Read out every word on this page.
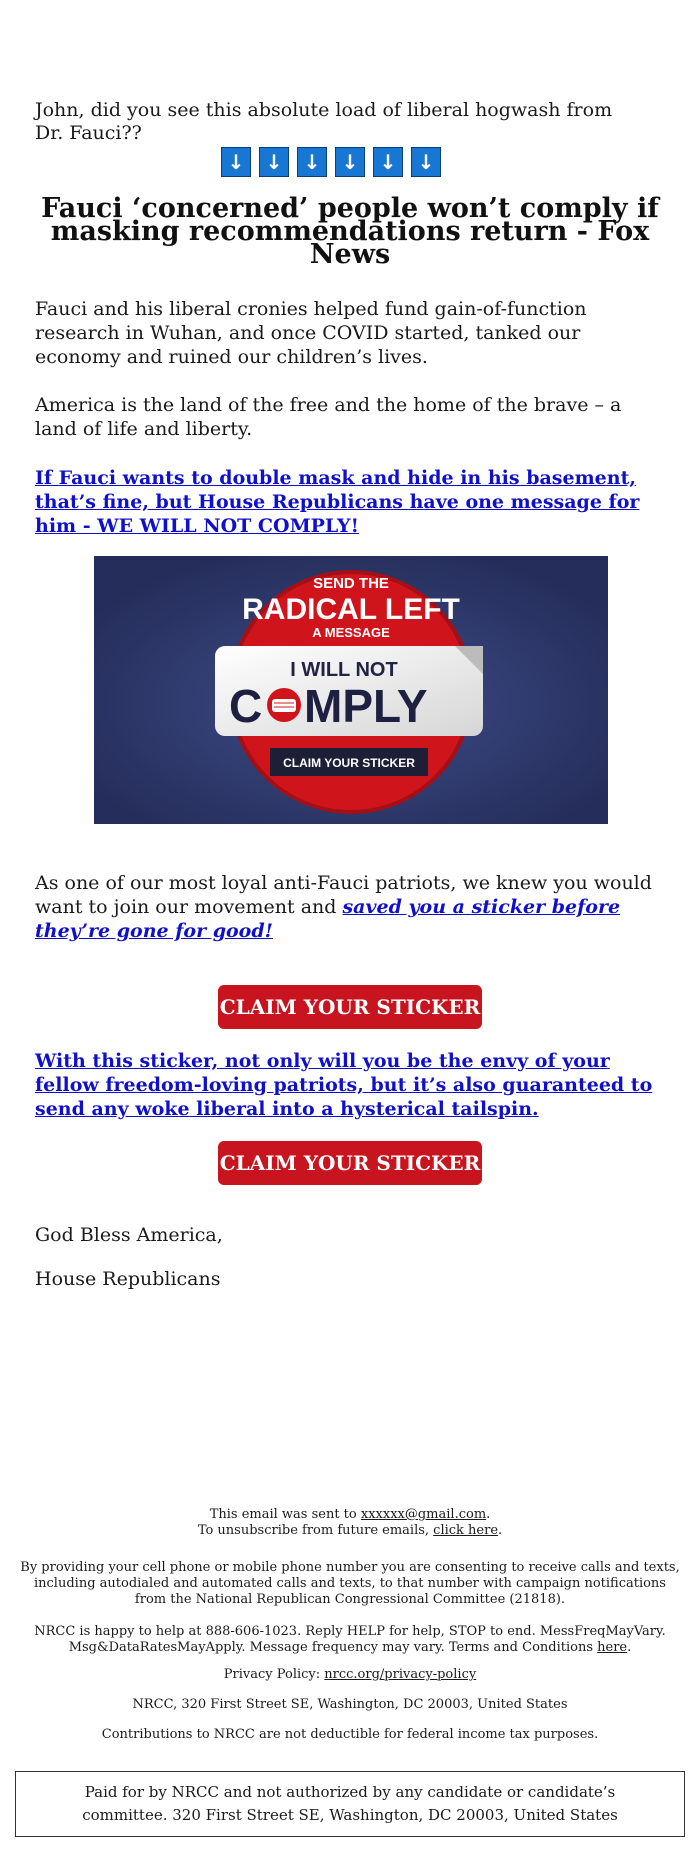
John, did you see this absolute load of liberal hogwash from Dr. Fauci??

↓	↓	↓	↓	↓	↓
Fauci ‘concerned’ people won’t comply if masking recommendations return - Fox News

Fauci and his liberal cronies helped fund gain-of-function research in Wuhan, and once COVID started, tanked our economy and ruined our children’s lives.

America is the land of the free and the home of the brave – a land of life and liberty.

If Fauci wants to double mask and hide in his basement, that’s fine, but House Republicans have one message for him - WE WILL NOT COMPLY!

SEND THE
RADICAL LEFT
A MESSAGE
I WILL NOT
C MPLY
CLAIM YOUR STICKER

As one of our most loyal anti-Fauci patriots, we knew you would want to join our movement and saved you a sticker before they’re gone for good!

CLAIM YOUR STICKER

With this sticker, not only will you be the envy of your fellow freedom-loving patriots, but it’s also guaranteed to send any woke liberal into a hysterical tailspin.

CLAIM YOUR STICKER

God Bless America,

House Republicans

This email was sent to xxxxxx@gmail.com.
To unsubscribe from future emails, click here.
By providing your cell phone or mobile phone number you are consenting to receive calls and texts, including autodialed and automated calls and texts, to that number with campaign notifications from the National Republican Congressional Committee (21818).
NRCC is happy to help at 888-606-1023. Reply HELP for help, STOP to end. MessFreqMayVary. Msg&DataRatesMayApply. Message frequency may vary. Terms and Conditions here.
Privacy Policy: nrcc.org/privacy-policy
NRCC, 320 First Street SE, Washington, DC 20003, United States
Contributions to NRCC are not deductible for federal income tax purposes.
Paid for by NRCC and not authorized by any candidate or candidate’s committee. 320 First Street SE, Washington, DC 20003, United States
